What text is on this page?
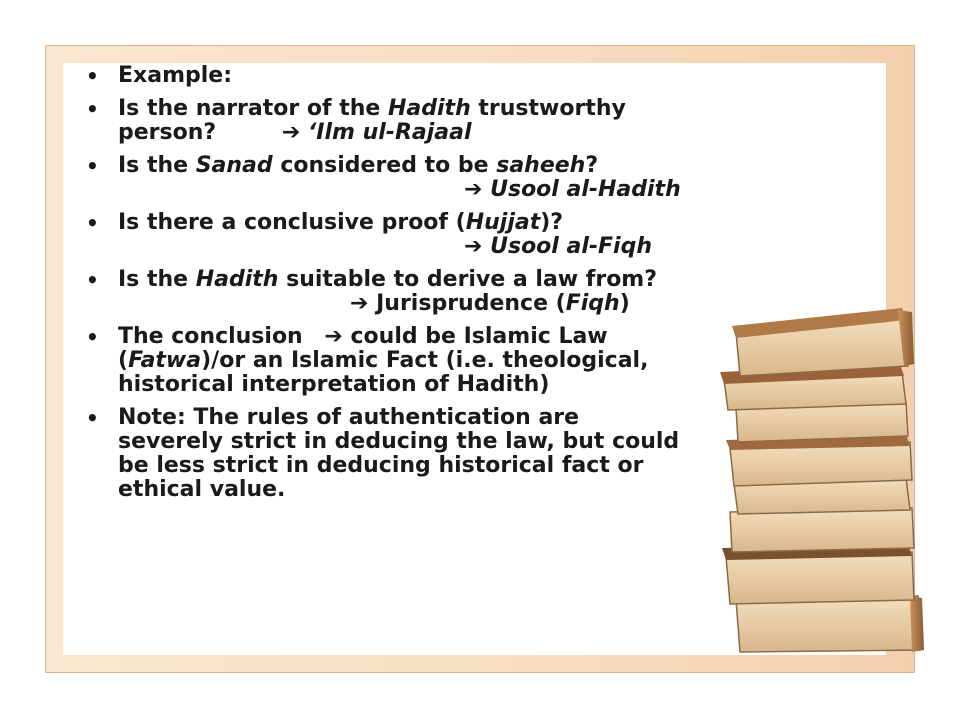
• Example:
• Is the narrator of the Hadith trustworthy person?	➔ ‘Ilm ul-Rajaal
• Is the Sanad considered to be saheeh?
➔ Usool al-Hadith
• Is there a conclusive proof (Hujjat)?
➔ Usool al-Fiqh
• Is the Hadith suitable to derive a law from?
➔ Jurisprudence (Fiqh)
• The conclusion ➔ could be Islamic Law (Fatwa)/or an Islamic Fact (i.e. theological, historical interpretation of Hadith)
• Note: The rules of authentication are severely strict in deducing the law, but could be less strict in deducing historical fact or ethical value.
